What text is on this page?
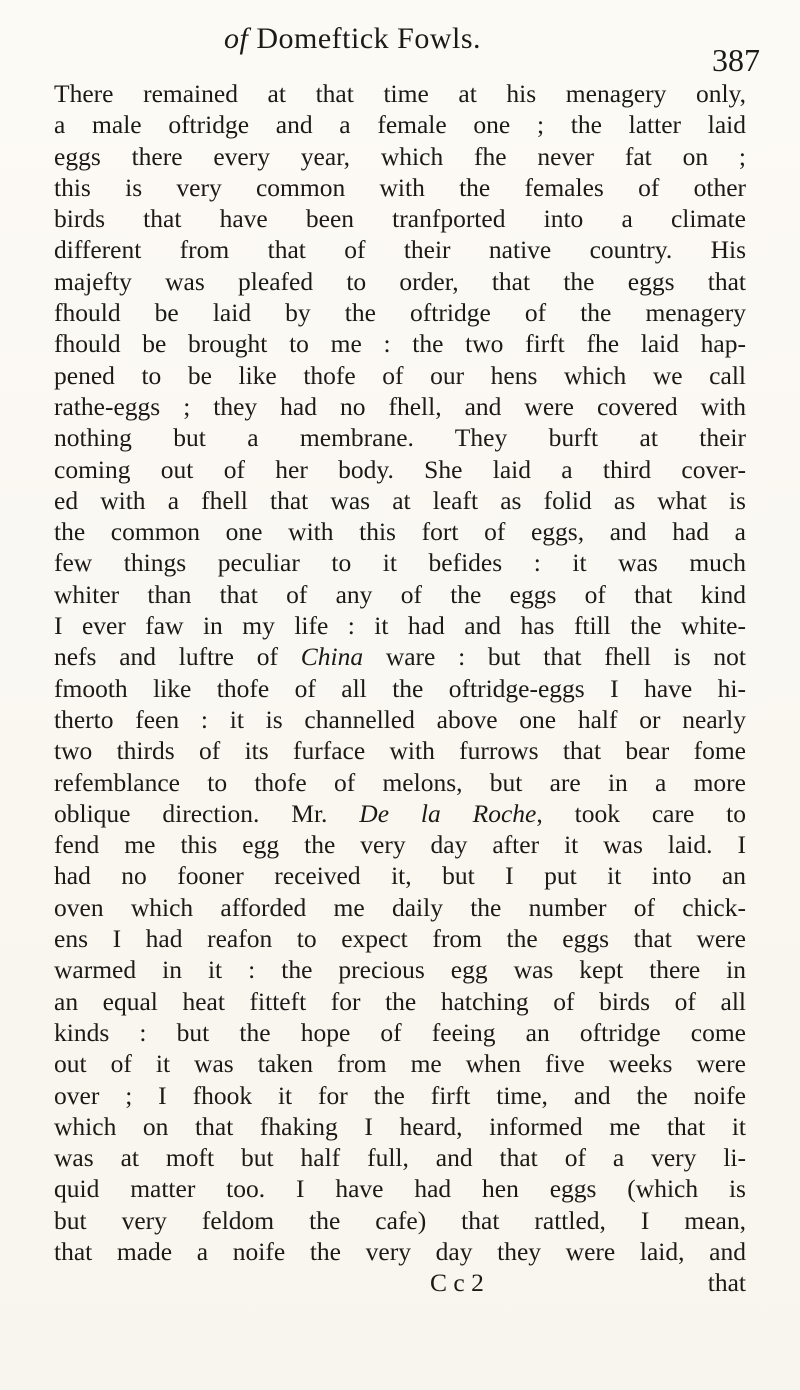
of Domeftick Fowls.
387
There remained at that time at his menagery only,
a male oftridge and a female one ; the latter laid
eggs there every year, which fhe never fat on ;
this is very common with the females of other
birds that have been tranfported into a climate
different from that of their native country. His
majefty was pleafed to order, that the eggs that
fhould be laid by the oftridge of the menagery
fhould be brought to me : the two firft fhe laid hap-
pened to be like thofe of our hens which we call
rathe-eggs ; they had no fhell, and were covered with
nothing but a membrane. They burft at their
coming out of her body. She laid a third cover-
ed with a fhell that was at leaft as folid as what is
the common one with this fort of eggs, and had a
few things peculiar to it befides : it was much
whiter than that of any of the eggs of that kind
I ever faw in my life : it had and has ftill the white-
nefs and luftre of China ware : but that fhell is not
fmooth like thofe of all the oftridge-eggs I have hi-
therto feen : it is channelled above one half or nearly
two thirds of its furface with furrows that bear fome
refemblance to thofe of melons, but are in a more
oblique direction. Mr. De la Roche, took care to
fend me this egg the very day after it was laid. I
had no fooner received it, but I put it into an
oven which afforded me daily the number of chick-
ens I had reafon to expect from the eggs that were
warmed in it : the precious egg was kept there in
an equal heat fitteft for the hatching of birds of all
kinds : but the hope of feeing an oftridge come
out of it was taken from me when five weeks were
over ; I fhook it for the firft time, and the noife
which on that fhaking I heard, informed me that it
was at moft but half full, and that of a very li-
quid matter too. I have had hen eggs (which is
but very feldom the cafe) that rattled, I mean,
that made a noife the very day they were laid, and
C c 2	that
